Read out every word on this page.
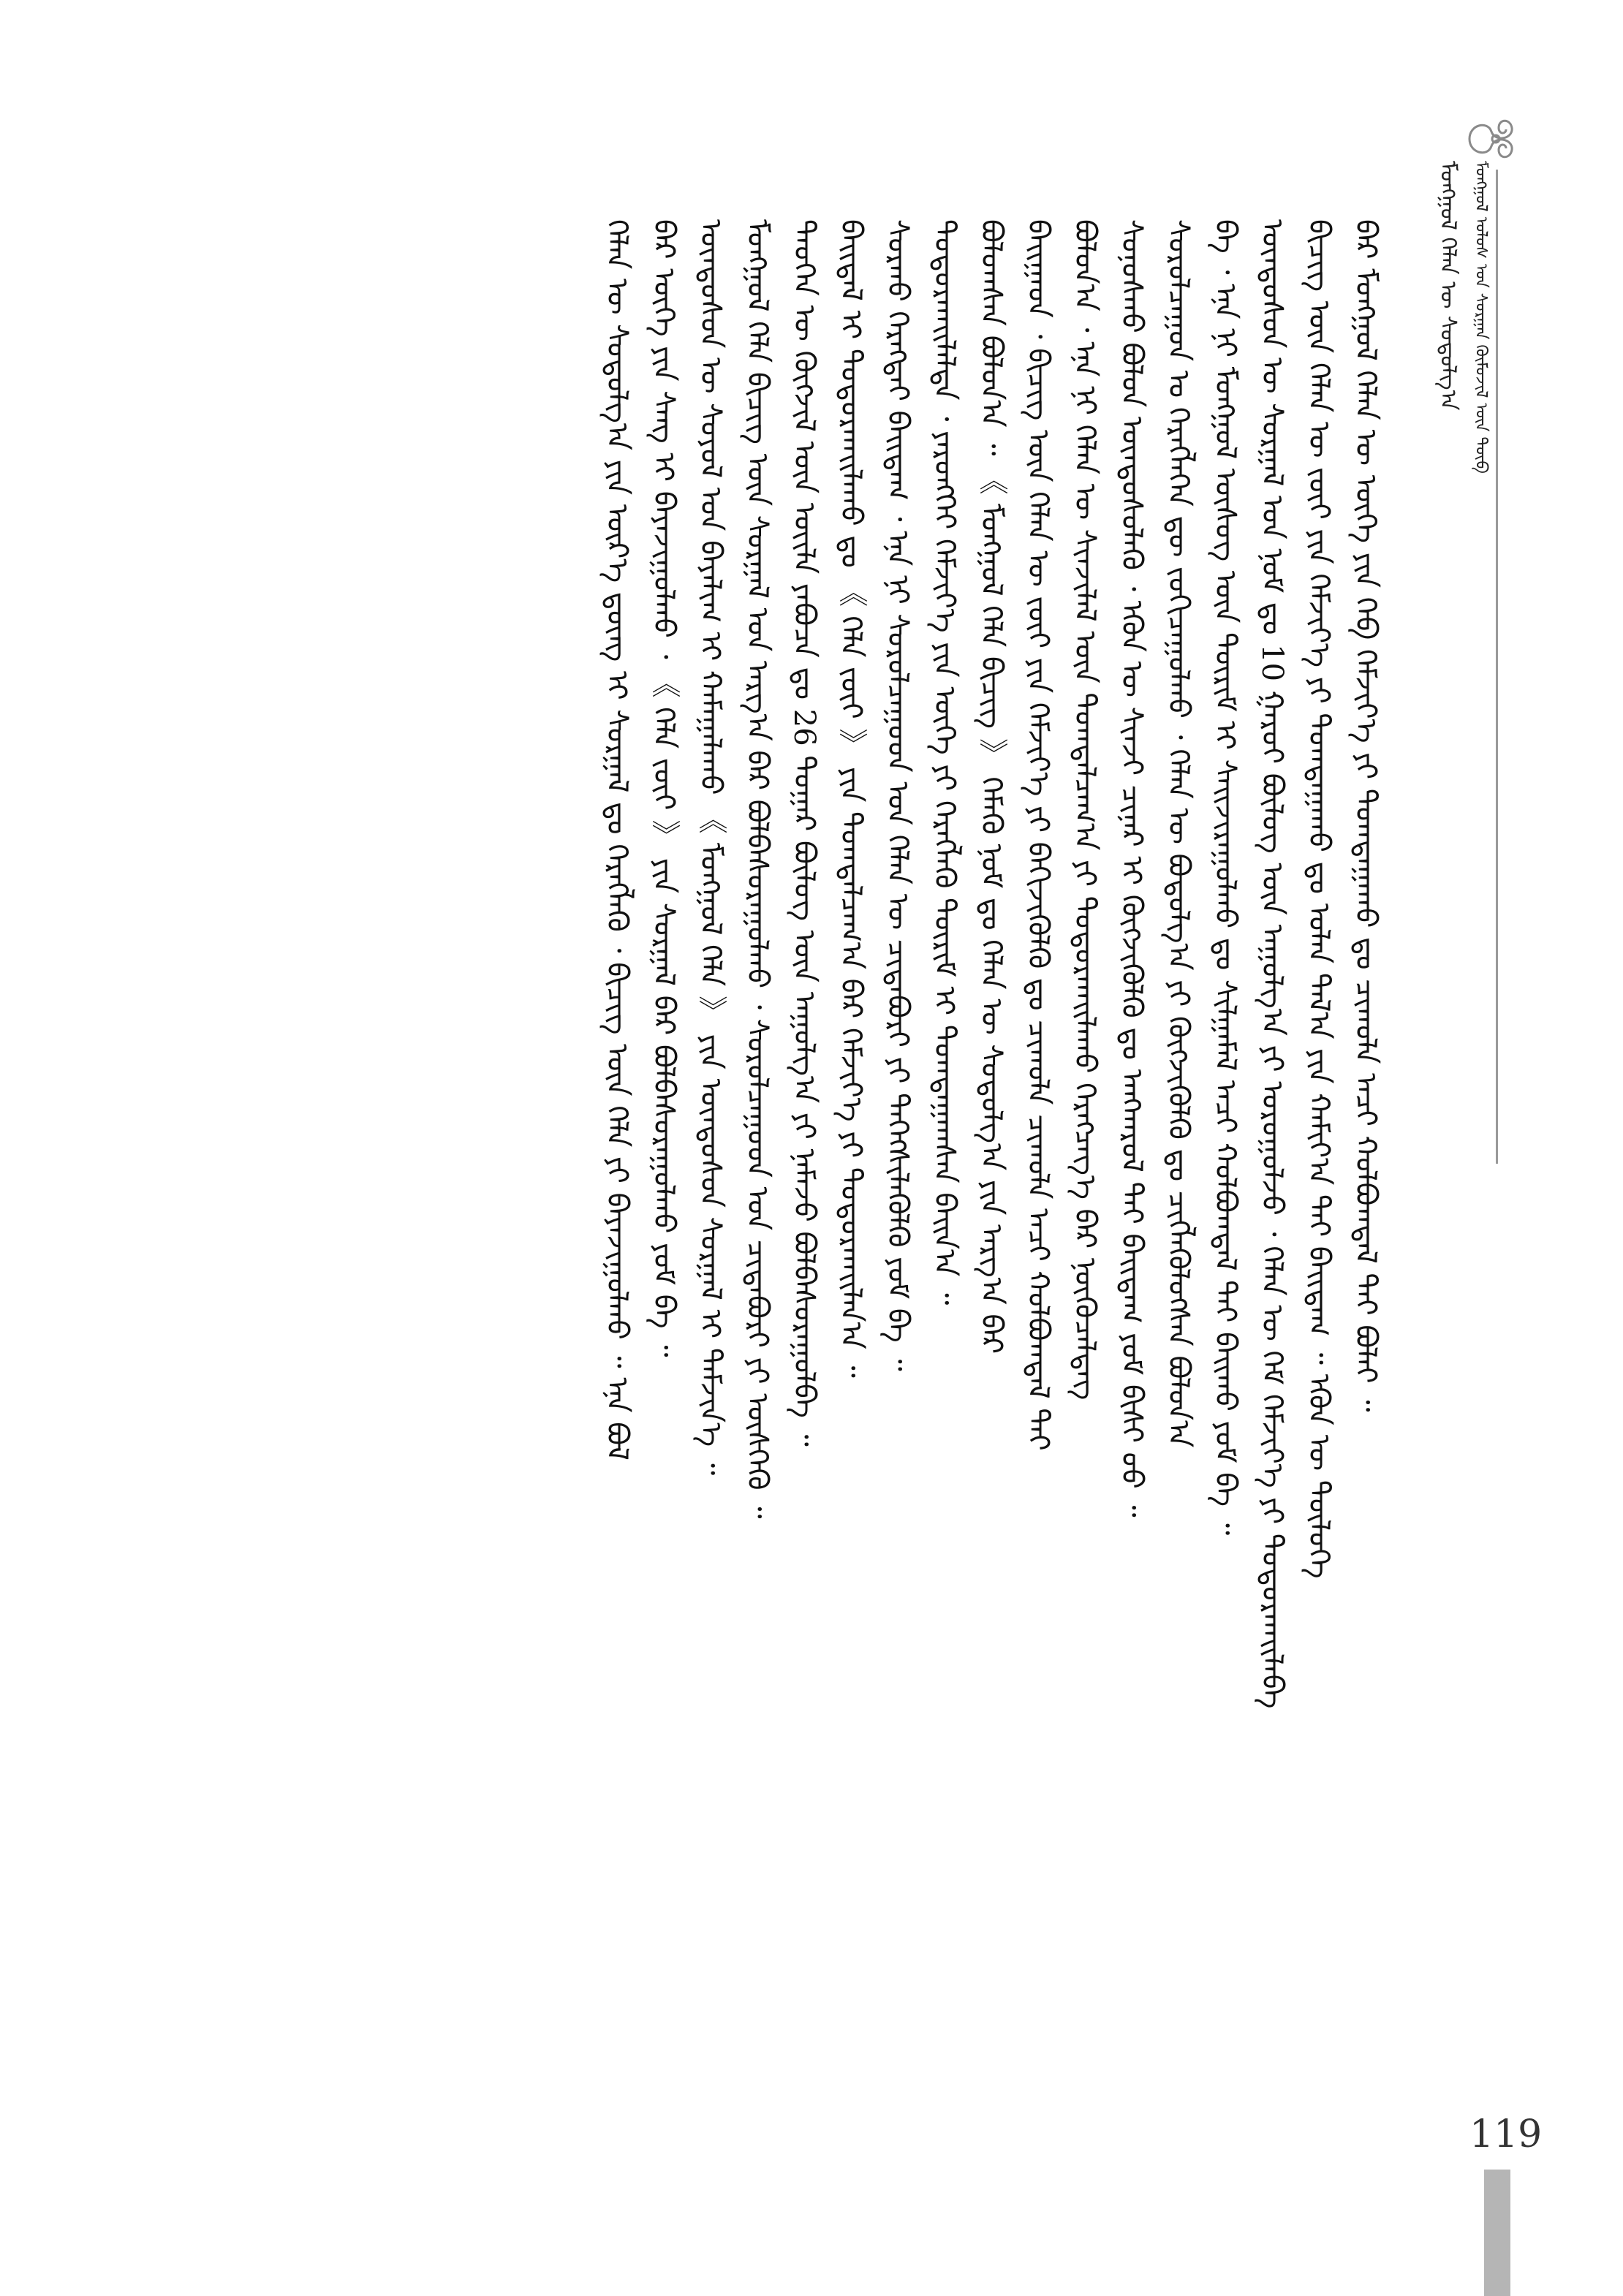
ᠮᠣᠩᠭᠣᠯ ᠬᠡᠯᠡᠨ ᠦ ᠰᠤᠳᠤᠯᠭ᠎ᠠ ᠮᠣᠩᠭᠣᠯ ᠤᠯᠤᠰ ᠤᠨ ᠰᠤᠷᠭᠠᠨ ᠬᠦᠮᠦᠵᠢᠯ ᠦᠨ ᠲᠥᠪ
ᠪᠠᠷ ᠮᠣᠩᠭᠣᠯ ᠬᠡᠯᠡᠨ ᠦ ᠦᠭᠡ ᠶᠢᠨ ᠬᠡᠪ ᠬᠡᠮᠵᠢᠶ᠎ᠡ ᠶᠢ ᠲᠣᠭᠲᠠᠭᠠᠬᠤ ᠳᠤ ᠴᠢᠬᠤᠯᠠ ᠠᠴᠢ ᠬᠣᠯᠪᠣᠭᠳᠠᠯ ᠲᠠᠢ ᠪᠣᠯᠠᠢ ᠃
ᠪᠢᠴᠢᠭ᠌ ᠦᠨ ᠬᠡᠯᠡᠨ ᠦ ᠵᠦᠢ ᠶᠢᠨ ᠬᠡᠮᠵᠢᠶ᠎ᠡ ᠶᠢ ᠲᠣᠭᠲᠠᠭᠠᠬᠤ ᠳᠤ ᠣᠯᠠᠨ ᠲᠠᠯ᠎ᠠ ᠶᠢᠨ ᠬᠠᠮᠢᠶ᠎ᠠ ᠲᠠᠢ ᠪᠠᠢᠳᠠᠭ ᠃ ᠡᠭᠦᠨ ᠦ ᠲᠥᠯᠥᠭᠡ
ᠦᠨᠳᠦᠰᠦᠨ ᠦ ᠰᠤᠷᠭᠠᠯ ᠤᠨ ᠨᠣᠮ ᠳᠤ 10 ᠭᠠᠷᠤᠢ ᠪᠦᠯᠦᠭ ᠦᠨ ᠠᠭᠤᠯᠭ᠎ᠠ ᠶᠢ ᠣᠷᠣᠭᠤᠯᠵᠤ ᠂ ᠬᠡᠯᠡᠨ ᠦ ᠬᠡᠮ ᠬᠡᠮᠵᠢᠶ᠎ᠡ ᠶᠢ ᠲᠣᠳᠣᠷᠬᠠᠢᠯᠠᠪᠠ
ᠪᠡ ᠂ ᠡᠨᠡ ᠨᠢ ᠮᠣᠩᠭᠣᠯ ᠦᠰᠦᠭ ᠦᠨ ᠳᠦᠷᠢᠮ ᠢ ᠰᠠᠢᠵᠢᠷᠠᠭᠤᠯᠬᠤ ᠳᠤ ᠰᠢᠯᠭᠠᠮᠠᠯ ᠠᠴᠢ ᠬᠣᠯᠪᠣᠭᠳᠠᠯ ᠲᠠᠢ ᠪᠠᠢᠬᠤ ᠶᠤᠮ ᠪᠡ ᠃
ᠰᠤᠷᠤᠯᠴᠠᠭᠤᠨ ᠤ ᠬᠡᠷᠡᠭᠯᠡᠭᠡᠨ ᠳᠦ ᠵᠣᠬᠢᠴᠠᠭᠤᠯᠬᠤ ᠂ ᠬᠡᠯᠡᠨ ᠦ ᠪᠣᠳᠤᠯᠭ᠎ᠠ ᠶᠢ ᠬᠥᠭᠵᠢᠭᠦᠯᠬᠦ ᠳᠤ ᠴᠢᠭᠯᠡᠭᠦᠯᠦᠭᠰᠡᠨ ᠪᠣᠯᠤᠨ᠎ᠠ
ᠰᠣᠨᠣᠰᠬᠤ ᠪᠣᠯᠣᠨ ᠦᠨᠳᠦᠰᠦᠯᠡᠬᠦ ᠂ ᠡᠭᠦᠨ ᠦ ᠰᠢᠨᠵᠢ ᠴᠢᠨᠠᠷ ᠢ ᠬᠥᠭᠵᠢᠭᠦᠯᠬᠦ ᠳᠤ ᠠᠩᠬᠠᠷᠤᠯ ᠲᠠᠢ ᠪᠠᠢᠳᠠᠭ ᠶᠤᠮ ᠪᠢᠰᠢ ᠤᠤ ᠃
ᠪᠣᠯᠤᠨ᠎ᠠ ᠂ ᠡᠨᠡ ᠨᠢ ᠬᠡᠯᠡᠨ ᠦ ᠰᠢᠨᠵᠢᠯᠡᠯ ᠦᠨ ᠲᠣᠭᠲᠠᠯᠴᠠᠭ᠎ᠠ ᠶᠢ ᠲᠣᠳᠣᠷᠬᠠᠢᠯᠠᠬᠤ ᠬᠡᠷᠡᠭᠴᠡᠭ᠎ᠡ ᠪᠡᠷ ᠨᠥᠬᠦᠴᠡᠯᠳᠡᠭ
ᠪᠠᠢᠭᠠᠳ ᠂ ᠪᠢᠴᠢᠭ᠌ ᠦᠨ ᠬᠡᠯᠡᠨ ᠦ ᠵᠦᠢ ᠶᠢᠨ ᠬᠡᠮᠵᠢᠶ᠎ᠡ ᠶᠢ ᠪᠡᠬᠢᠵᠢᠭᠦᠯᠬᠦ ᠳᠤ ᠴᠢᠬᠤᠯᠠ ᠴᠢᠬᠤᠯᠠ ᠠᠴᠢ ᠬᠣᠯᠪᠣᠭᠳᠠᠯ ᠲᠠᠢ
ᠪᠣᠯᠤᠭᠰᠠᠨ ᠪᠣᠯᠤᠨ᠎ᠠ ᠃ 《 ᠮᠣᠩᠭᠣᠯ ᠬᠡᠯᠡ ᠪᠢᠴᠢᠭ᠌ 》 ᠬᠡᠮᠡᠬᠦ ᠨᠣᠮ ᠳᠤ ᠬᠡᠯᠡᠨ ᠦ ᠰᠤᠳᠤᠯᠭ᠎ᠠ ᠶᠢᠨ ᠠᠷᠭ᠎ᠠ ᠪᠠᠷ
ᠲᠣᠳᠣᠷᠬᠠᠢᠯᠠᠯᠲᠠ ᠂ ᠶᠡᠷᠦᠩᠬᠡᠢ ᠬᠡᠮᠵᠢᠶ᠎ᠡ ᠶᠢᠨ ᠦᠭᠡ ᠶᠢ ᠬᠡᠷᠡᠭᠯᠡᠬᠦ ᠳᠦᠷᠢᠮ ᠢ ᠲᠣᠭᠲᠠᠭᠠᠭᠰᠠᠨ ᠪᠠᠢᠨ᠎ᠠ ᠃
ᠰᠤᠷᠬᠤ ᠬᠡᠷᠡᠭᠲᠡᠢ ᠪᠠᠢᠳᠠᠭ ᠂ ᠡᠨᠡ ᠨᠢ ᠰᠤᠷᠤᠯᠴᠠᠭᠤᠳ ᠤᠨ ᠬᠡᠯᠡᠨ ᠦ ᠴᠢᠳᠠᠪᠤᠷᠢ ᠶᠢ ᠳᠡᠭᠡᠭᠰᠢᠯᠡᠭᠦᠯᠬᠦ ᠶᠤᠮ ᠪᠡ ᠃
ᠪᠠᠢᠳᠠᠯ ᠢ ᠲᠣᠳᠣᠷᠬᠠᠢᠯᠠᠬᠤ ᠳᠤ 《 ᠬᠡᠯᠡ ᠵᠦᠢ 》 ᠶᠢᠨ ᠲᠣᠭᠲᠠᠯᠴᠠᠭ᠎ᠠ ᠪᠠᠷ ᠬᠡᠮᠵᠢᠶ᠎ᠡ ᠶᠢ ᠲᠣᠳᠣᠷᠬᠠᠢᠯᠠᠨ᠎ᠠ ᠃
ᠲᠡᠦᠬᠡᠨ ᠦ ᠬᠥᠭᠵᠢᠯ ᠦᠨ ᠦᠢᠯᠡ ᠶᠠᠪᠤᠴᠠ ᠳᠤ 26 ᠳᠤᠭᠠᠷ ᠪᠦᠯᠦᠭ ᠦᠨ ᠠᠭᠤᠯᠭ᠎ᠠ ᠶᠢ ᠨᠡᠮᠡᠵᠦ ᠪᠣᠯᠪᠠᠰᠤᠷᠠᠭᠤᠯᠪᠠ ᠃
ᠮᠣᠩᠭᠣᠯ ᠬᠡᠯᠡ ᠪᠢᠴᠢᠭ᠌ ᠦᠨ ᠰᠤᠷᠭᠠᠯ ᠤᠨ ᠠᠷᠭ᠎ᠠ ᠪᠠᠷ ᠪᠣᠯᠪᠠᠰᠤᠷᠠᠭᠤᠯᠬᠤ ᠂ ᠰᠤᠷᠤᠯᠴᠠᠭᠤᠳ ᠤᠨ ᠴᠢᠳᠠᠪᠤᠷᠢ ᠶᠢ ᠥᠰᠭᠡᠬᠦ ᠃
ᠦᠨᠳᠦᠰᠦᠨ ᠦ ᠰᠣᠶᠣᠯ ᠤᠨ ᠪᠠᠶᠠᠯᠢᠭ ᠢ ᠬᠠᠮᠠᠭᠠᠯᠠᠬᠤ 《 ᠮᠣᠩᠭᠣᠯ ᠬᠡᠯᠡ 》 ᠶᠢᠨ ᠦᠨᠳᠦᠰᠦᠨ ᠰᠤᠷᠭᠠᠯ ᠢ ᠳᠡᠮᠵᠢᠨ᠎ᠡ ᠃
ᠪᠡᠷ ᠦᠭᠡ ᠶᠢᠨ ᠰᠠᠩ ᠢ ᠪᠠᠶᠠᠵᠢᠭᠤᠯᠬᠤ ᠂ 《 ᠬᠡᠯᠡ ᠵᠦᠢ 》 ᠶᠢᠨ ᠰᠤᠷᠭᠠᠯ ᠪᠠᠷ ᠪᠣᠯᠪᠠᠰᠤᠷᠠᠭᠤᠯᠬᠤ ᠶᠤᠮ ᠪᠡ ᠃
ᠬᠡᠯᠡᠨ ᠦ ᠰᠤᠳᠤᠯᠭ᠎ᠠ ᠶᠢᠨ ᠦᠷ᠎ᠡ ᠳ᠋ᠦᠩ ᠢ ᠰᠤᠷᠭᠠᠯ ᠳᠤ ᠬᠡᠷᠡᠭᠯᠡᠬᠦ ᠂ ᠪᠢᠴᠢᠭ᠌ ᠦᠨ ᠬᠡᠯᠡ ᠶᠢ ᠪᠠᠶᠠᠵᠢᠭᠤᠯᠬᠤ ᠃ ᠡᠨᠡ ᠪᠣᠯ
119
